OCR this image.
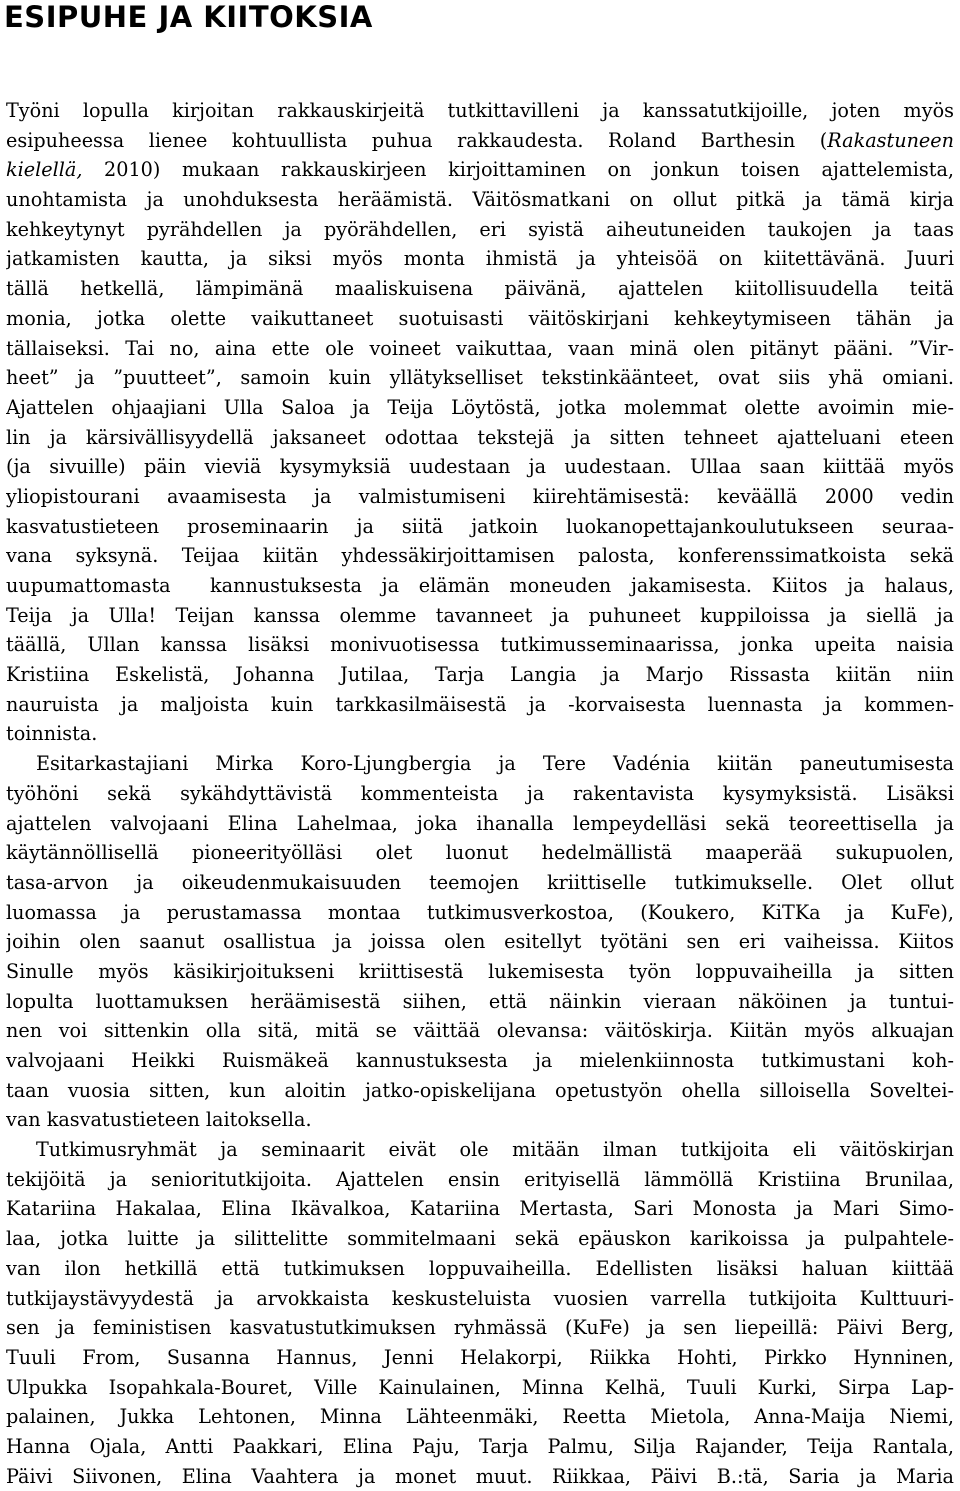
ESIPUHE JA KIITOKSIA
Työni lopulla kirjoitan rakkauskirjeitä tutkittavilleni ja kanssatutkijoille, joten myös
esipuheessa lienee kohtuullista puhua rakkaudesta. Roland Barthesin (Rakastuneen
kielellä, 2010) mukaan rakkauskirjeen kirjoittaminen on jonkun toisen ajattelemista,
unohtamista ja unohduksesta heräämistä. Väitösmatkani on ollut pitkä ja tämä kirja
kehkeytynyt pyrähdellen ja pyörähdellen, eri syistä aiheutuneiden taukojen ja taas
jatkamisten kautta, ja siksi myös monta ihmistä ja yhteisöä on kiitettävänä. Juuri
tällä hetkellä, lämpimänä maaliskuisena päivänä, ajattelen kiitollisuudella teitä
monia, jotka olette vaikuttaneet suotuisasti väitöskirjani kehkeytymiseen tähän ja
tällaiseksi. Tai no, aina ette ole voineet vaikuttaa, vaan minä olen pitänyt pääni. ”Vir-
heet” ja ”puutteet”, samoin kuin yllätykselliset tekstinkäänteet, ovat siis yhä omiani.
Ajattelen ohjaajiani Ulla Saloa ja Teija Löytöstä, jotka molemmat olette avoimin mie-
lin ja kärsivällisyydellä jaksaneet odottaa tekstejä ja sitten tehneet ajatteluani eteen
(ja sivuille) päin vieviä kysymyksiä uudestaan ja uudestaan. Ullaa saan kiittää myös
yliopistourani avaamisesta ja valmistumiseni kiirehtämisestä: keväällä 2000 vedin
kasvatustieteen proseminaarin ja siitä jatkoin luokanopettajankoulutukseen seuraa-
vana syksynä. Teijaa kiitän yhdessäkirjoittamisen palosta, konferenssimatkoista sekä
uupumattomasta  kannustuksesta ja elämän moneuden jakamisesta. Kiitos ja halaus,
Teija ja Ulla! Teijan kanssa olemme tavanneet ja puhuneet kuppiloissa ja siellä ja
täällä, Ullan kanssa lisäksi monivuotisessa tutkimusseminaarissa, jonka upeita naisia
Kristiina Eskelistä, Johanna Jutilaa, Tarja Langia ja Marjo Rissasta kiitän niin
nauruista ja maljoista kuin tarkkasilmäisestä ja -korvaisesta luennasta ja kommen-
toinnista.
Esitarkastajiani Mirka Koro-Ljungbergia ja Tere Vadénia kiitän paneutumisesta
työhöni sekä sykähdyttävistä kommenteista ja rakentavista kysymyksistä. Lisäksi
ajattelen valvojaani Elina Lahelmaa, joka ihanalla lempeydelläsi sekä teoreettisella ja
käytännöllisellä pioneerityölläsi olet luonut hedelmällistä maaperää sukupuolen,
tasa-arvon ja oikeudenmukaisuuden teemojen kriittiselle tutkimukselle. Olet ollut
luomassa ja perustamassa montaa tutkimusverkostoa, (Koukero, KiTKa ja KuFe),
joihin olen saanut osallistua ja joissa olen esitellyt työtäni sen eri vaiheissa. Kiitos
Sinulle myös käsikirjoitukseni kriittisestä lukemisesta työn loppuvaiheilla ja sitten
lopulta luottamuksen heräämisestä siihen, että näinkin vieraan näköinen ja tuntui-
nen voi sittenkin olla sitä, mitä se väittää olevansa: väitöskirja. Kiitän myös alkuajan
valvojaani Heikki Ruismäkeä kannustuksesta ja mielenkiinnosta tutkimustani koh-
taan vuosia sitten, kun aloitin jatko-opiskelijana opetustyön ohella silloisella Soveltei-
van kasvatustieteen laitoksella.
Tutkimusryhmät ja seminaarit eivät ole mitään ilman tutkijoita eli väitöskirjan
tekijöitä ja senioritutkijoita. Ajattelen ensin erityisellä lämmöllä Kristiina Brunilaa,
Katariina Hakalaa, Elina Ikävalkoa, Katariina Mertasta, Sari Monosta ja Mari Simo-
laa, jotka luitte ja silittelitte sommitelmaani sekä epäuskon karikoissa ja pulpahtele-
van ilon hetkillä että tutkimuksen loppuvaiheilla. Edellisten lisäksi haluan kiittää
tutkijaystävyydestä ja arvokkaista keskusteluista vuosien varrella tutkijoita Kulttuuri-
sen ja feministisen kasvatustutkimuksen ryhmässä (KuFe) ja sen liepeillä: Päivi Berg,
Tuuli From, Susanna Hannus, Jenni Helakorpi, Riikka Hohti, Pirkko Hynninen,
Ulpukka Isopahkala-Bouret, Ville Kainulainen, Minna Kelhä, Tuuli Kurki, Sirpa Lap-
palainen, Jukka Lehtonen, Minna Lähteenmäki, Reetta Mietola, Anna-Maija Niemi,
Hanna Ojala, Antti Paakkari, Elina Paju, Tarja Palmu, Silja Rajander, Teija Rantala,
Päivi Siivonen, Elina Vaahtera ja monet muut. Riikkaa, Päivi B.:tä, Saria ja Maria
